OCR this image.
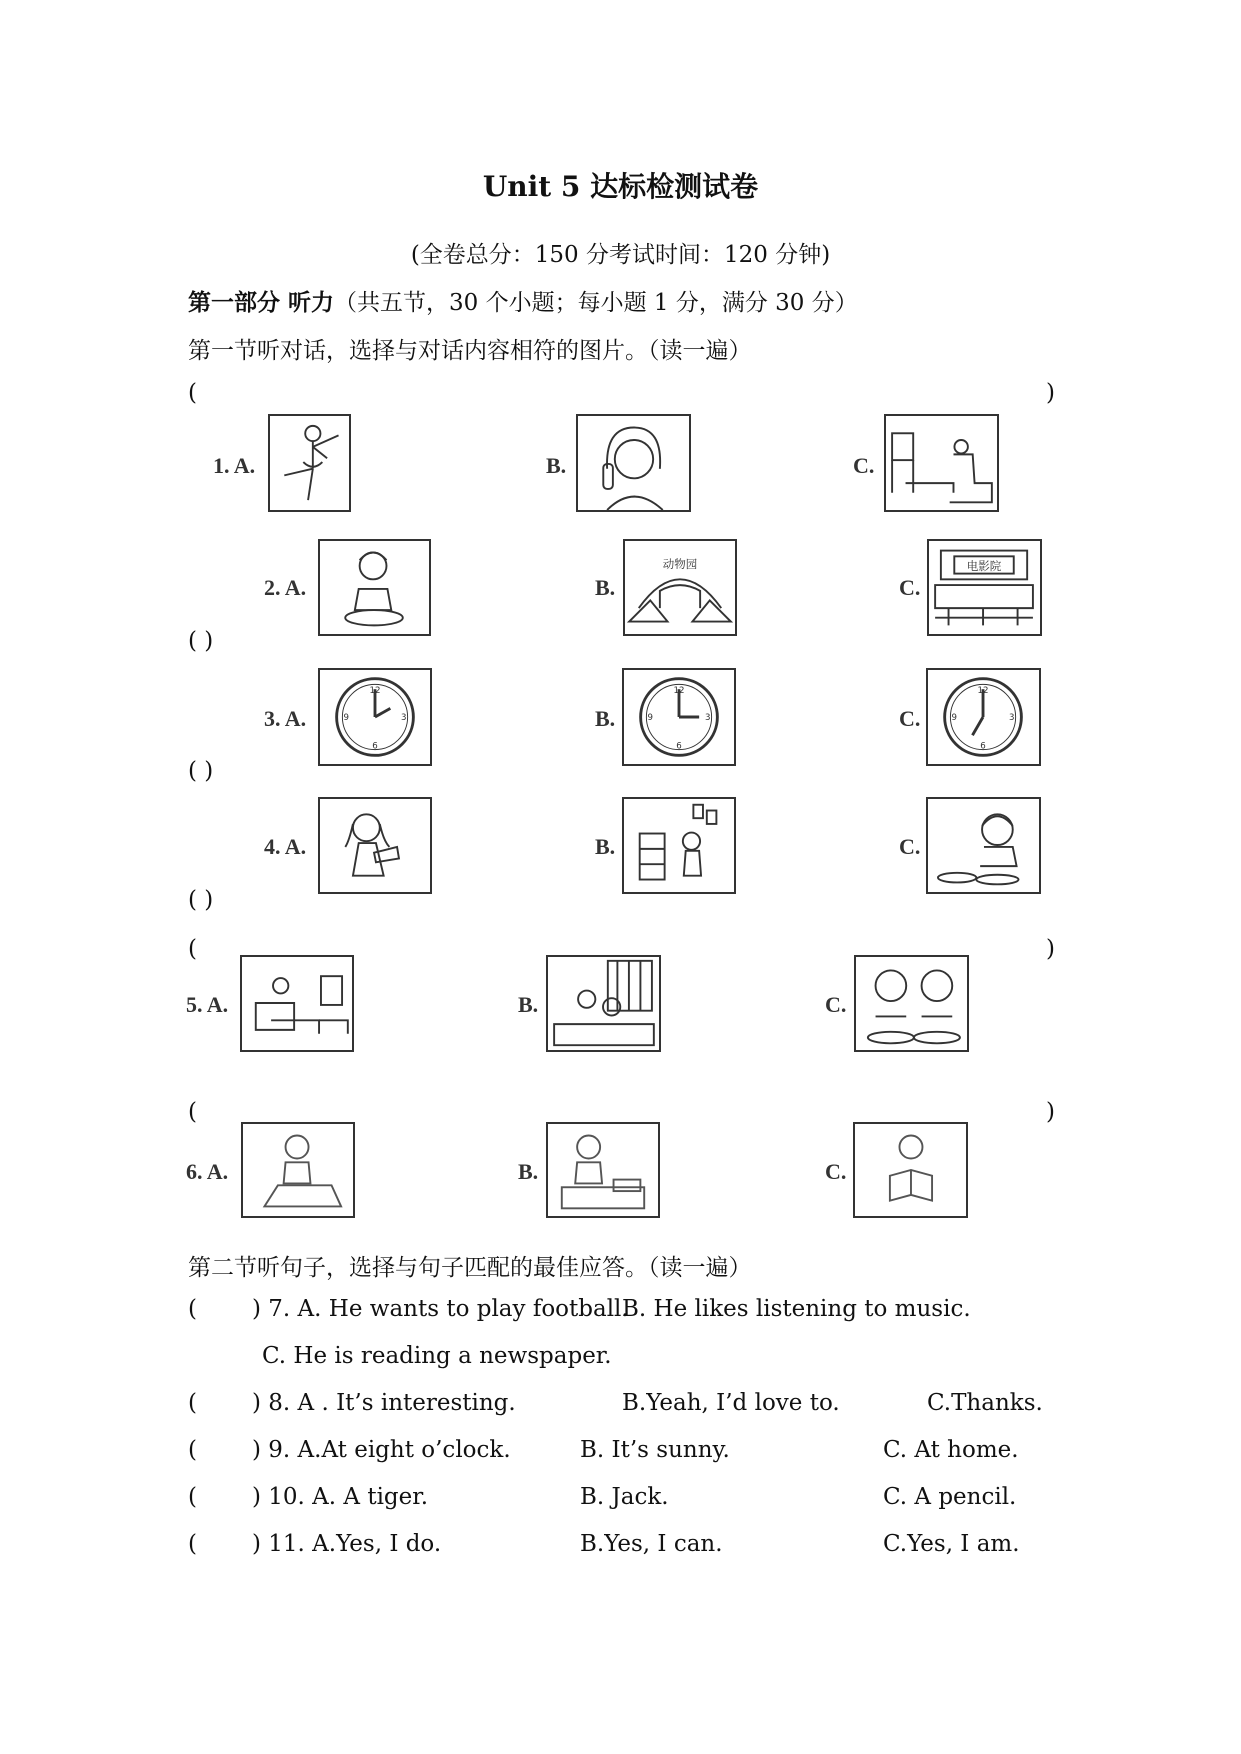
Unit 5 达标检测试卷
(全卷总分：150 分考试时间：120 分钟)
第一部分 听力（共五节，30 个小题；每小题 1 分，满分 30 分）
第一节听对话，选择与对话内容相符的图片。（读一遍）
(	)
( )
( )
( )
(	)
(	)
1. A.	B.	C.
2. A.	B.
动物园
C.
电影院
3. A.
12
6
9	3	B.
12
6
9	3	C.
12
6
9	3
4. A.	B.	C.
5. A.	B.	C.
6. A.	B.	C.
第二节听句子，选择与句子匹配的最佳应答。（读一遍）
( ) 7. A. He wants to play football.
B. He likes listening to music.
C. He is reading a newspaper.
( ) 8. A . It’s interesting.	B.Yeah, I’d love to.	C.Thanks.
( ) 9. A.At eight o’clock.	B. It’s sunny.	C. At home.
( ) 10. A. A tiger.	B. Jack.	C. A pencil.
( ) 11. A.Yes, I do.	B.Yes, I can.	C.Yes, I am.
